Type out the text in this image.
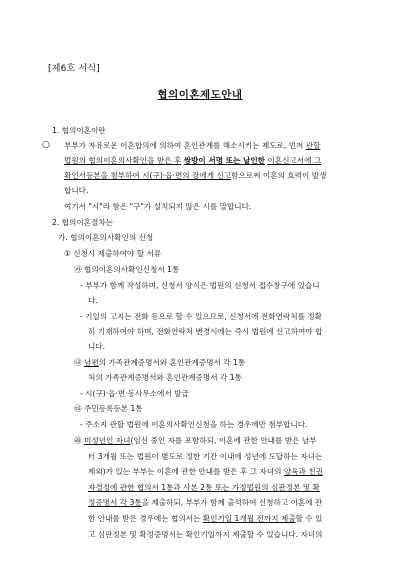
[제6호 서식]
협의이혼제도안내
1. 협의이혼이란
○ 부부가 자유로운 이혼합의에 의하여 혼인관계를 해소시키는 제도로, 먼저 관할
법원의 협의이혼의사확인을 받은 후 쌍방이 서명 또는 날인한 이혼신고서에 그
확인서등본을 첨부하여 시(구)·읍·면의 장에게 신고함으로써 이혼의 효력이 발생
합니다.
여기서 "시"라 함은 "구"가 설치되지 않은 시를 말합니다.
2. 협의이혼절차는
가. 협의이혼의사확인의 신청
① 신청시 제출하여야 할 서류
㉮ 협의이혼의사확인신청서 1통
- 부부가 함께 작성하며, 신청서 양식은 법원의 신청서 접수창구에 있습니
다.
- 기일의 고지는 전화 등으로 할 수 있으므로, 신청서에 전화연락처를 정확
히 기재하여야 하며, 전화연락처 변경시에는 즉시 법원에 신고하여야 합
니다.
㉯ 남편의 가족관계증명서와 혼인관계증명서 각 1통
처의 가족관계증명서와 혼인관계증명서 각 1통
- 시(구)·읍·면·동사무소에서 발급
㉰ 주민등록등본 1통
- 주소지 관할 법원에 이혼의사확인신청을 하는 경우에만 첨부합니다.
㉱ 미성년인 자녀(임신 중인 자를 포함하되, 이혼에 관한 안내를 받은 날부
터 3개월 또는 법원이 별도로 정한 기간 이내에 성년에 도달하는 자녀는
제외)가 있는 부부는 이혼에 관한 안내를 받은 후 그 자녀의 양육과 친권
자결정에 관한 협의서 1통과 사본 2통 또는 가정법원의 심판정본 및 확
정증명서 각 3통을 제출하되, 부부가 함께 출석하여 신청하고 이혼에 관
한 안내를 받은 경우에는 협의서는 확인기일 1개월 전까지 제출할 수 있
고 심판정본 및 확정증명서는 확인기일까지 제출할 수 있습니다. 자녀의
